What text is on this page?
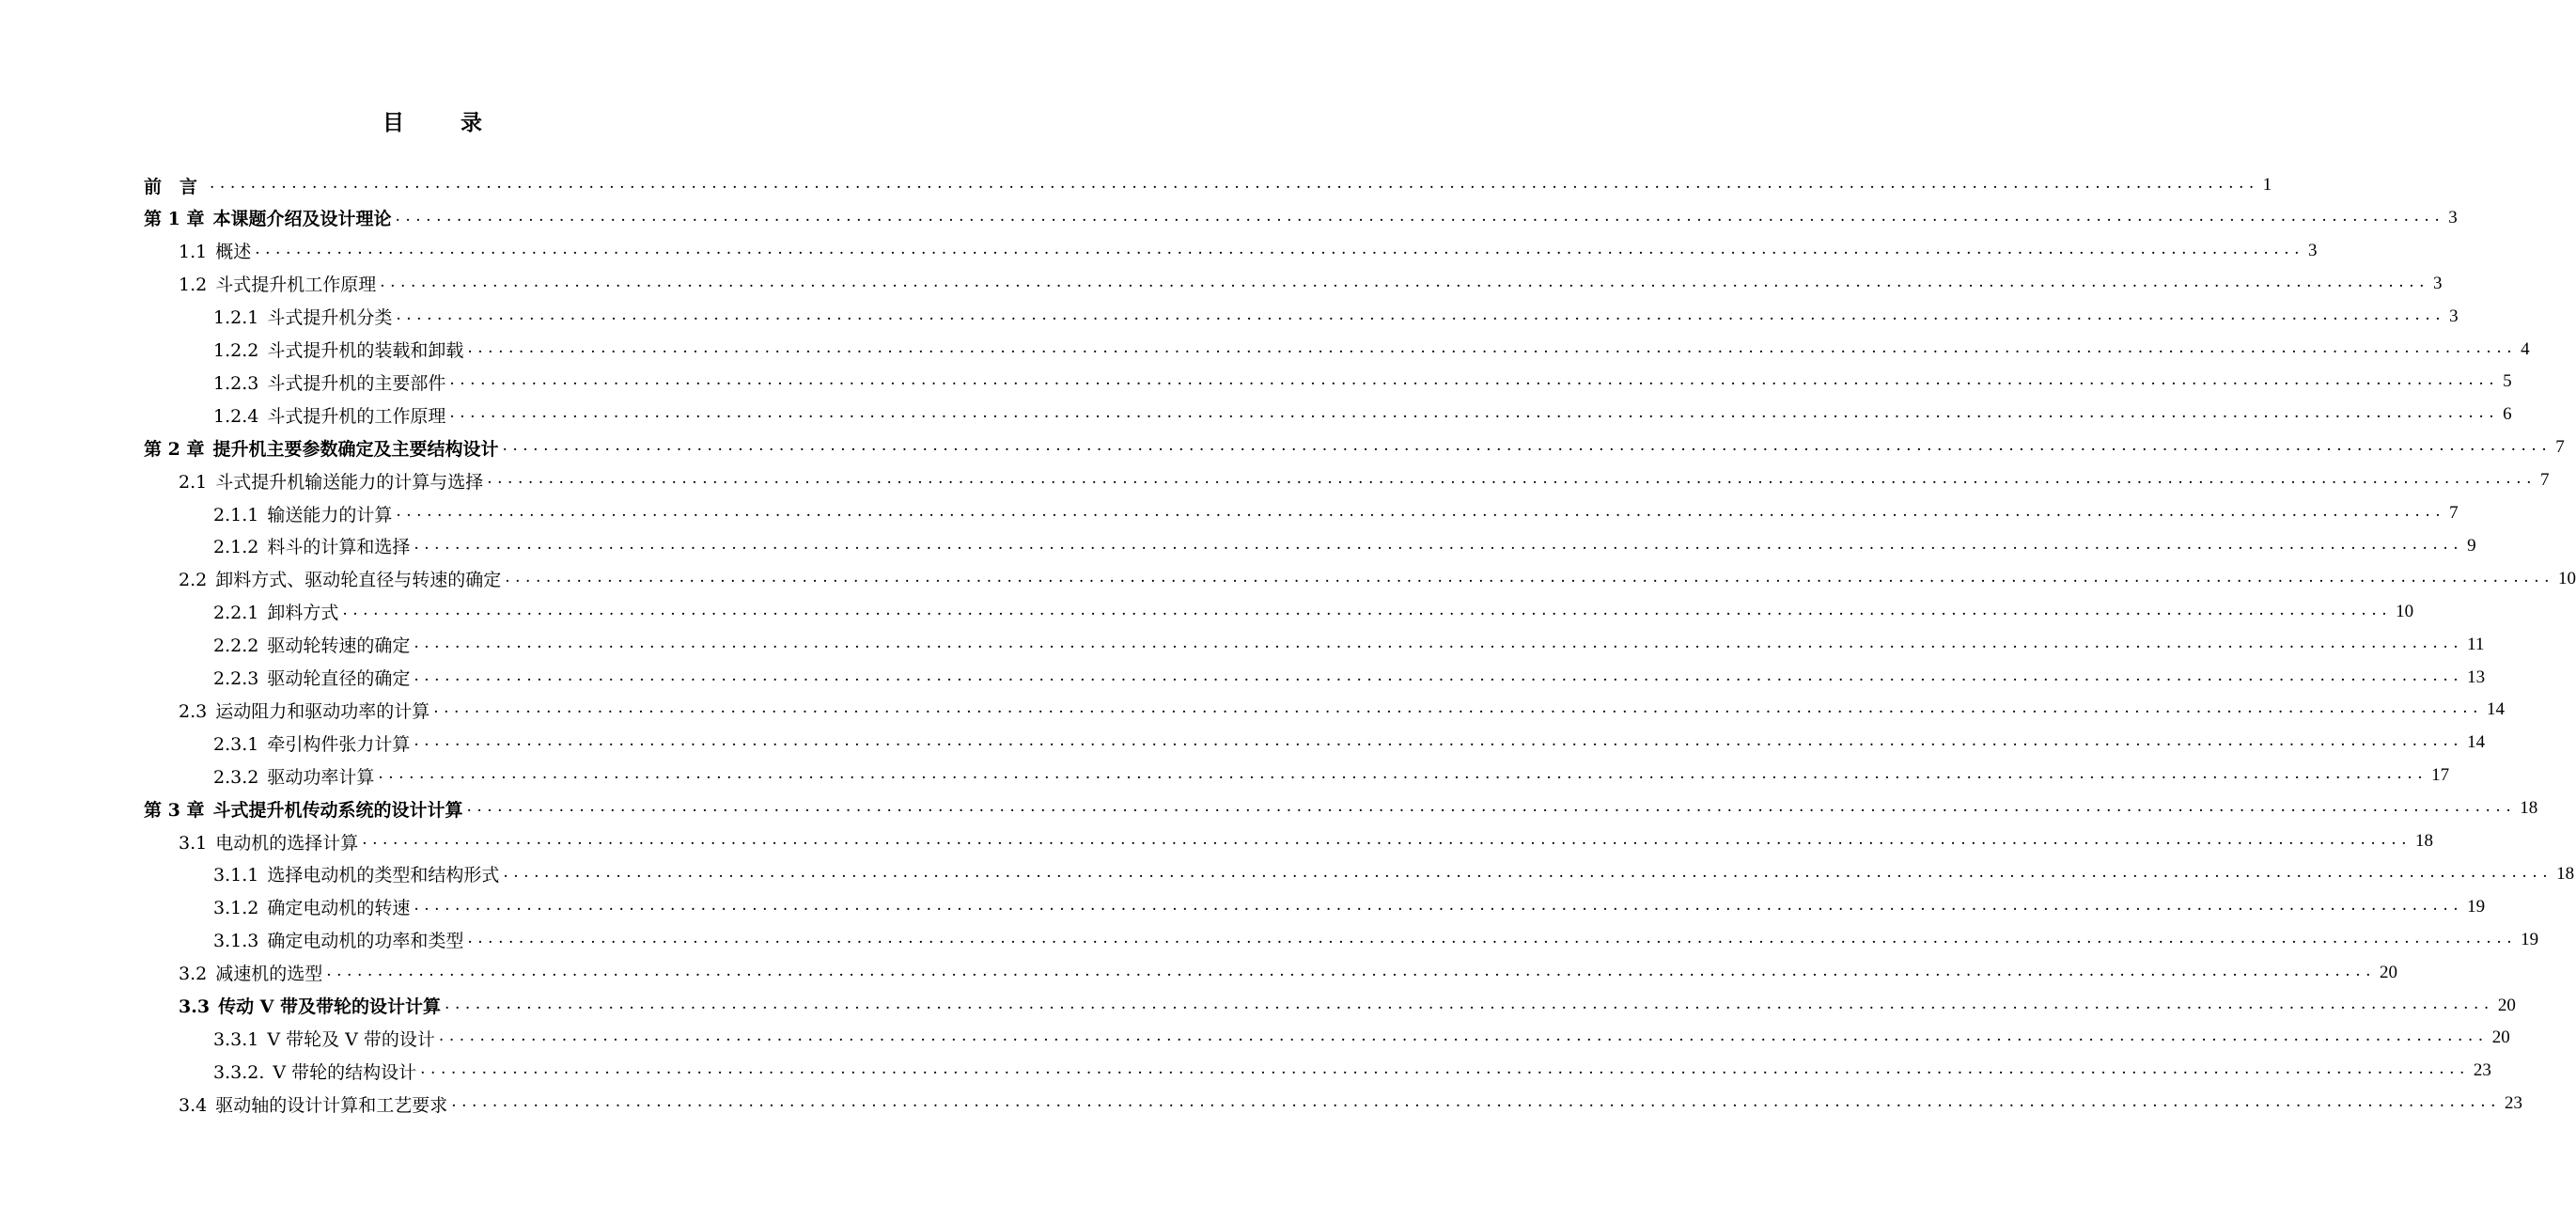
目 录
前　言 ........................................................................................................................................................................................................ 1
第 1 章 本课题介绍及设计理论 ........................................................................................................................................................................................................ 3
1.1 概述 ........................................................................................................................................................................................................ 3
1.2 斗式提升机工作原理 ........................................................................................................................................................................................................ 3
1.2.1 斗式提升机分类 ........................................................................................................................................................................................................ 3
1.2.2 斗式提升机的装载和卸载 ........................................................................................................................................................................................................ 4
1.2.3 斗式提升机的主要部件 ........................................................................................................................................................................................................ 5
1.2.4 斗式提升机的工作原理 ........................................................................................................................................................................................................ 6
第 2 章 提升机主要参数确定及主要结构设计 ........................................................................................................................................................................................................ 7
2.1 斗式提升机输送能力的计算与选择 ........................................................................................................................................................................................................ 7
2.1.1 输送能力的计算 ........................................................................................................................................................................................................ 7
2.1.2 料斗的计算和选择 ........................................................................................................................................................................................................ 9
2.2 卸料方式、驱动轮直径与转速的确定 ........................................................................................................................................................................................................ 10
2.2.1 卸料方式 ........................................................................................................................................................................................................ 10
2.2.2 驱动轮转速的确定 ........................................................................................................................................................................................................ 11
2.2.3 驱动轮直径的确定 ........................................................................................................................................................................................................ 13
2.3 运动阻力和驱动功率的计算 ........................................................................................................................................................................................................ 14
2.3.1 牵引构件张力计算 ........................................................................................................................................................................................................ 14
2.3.2 驱动功率计算 ........................................................................................................................................................................................................ 17
第 3 章 斗式提升机传动系统的设计计算 ........................................................................................................................................................................................................ 18
3.1 电动机的选择计算 ........................................................................................................................................................................................................ 18
3.1.1 选择电动机的类型和结构形式 ........................................................................................................................................................................................................ 18
3.1.2 确定电动机的转速 ........................................................................................................................................................................................................ 19
3.1.3 确定电动机的功率和类型 ........................................................................................................................................................................................................ 19
3.2 减速机的选型 ........................................................................................................................................................................................................ 20
3.3 传动 V 带及带轮的设计计算 ........................................................................................................................................................................................................ 20
3.3.1 V 带轮及 V 带的设计 ........................................................................................................................................................................................................ 20
3.3.2. V 带轮的结构设计 ........................................................................................................................................................................................................ 23
3.4 驱动轴的设计计算和工艺要求 ........................................................................................................................................................................................................ 23
